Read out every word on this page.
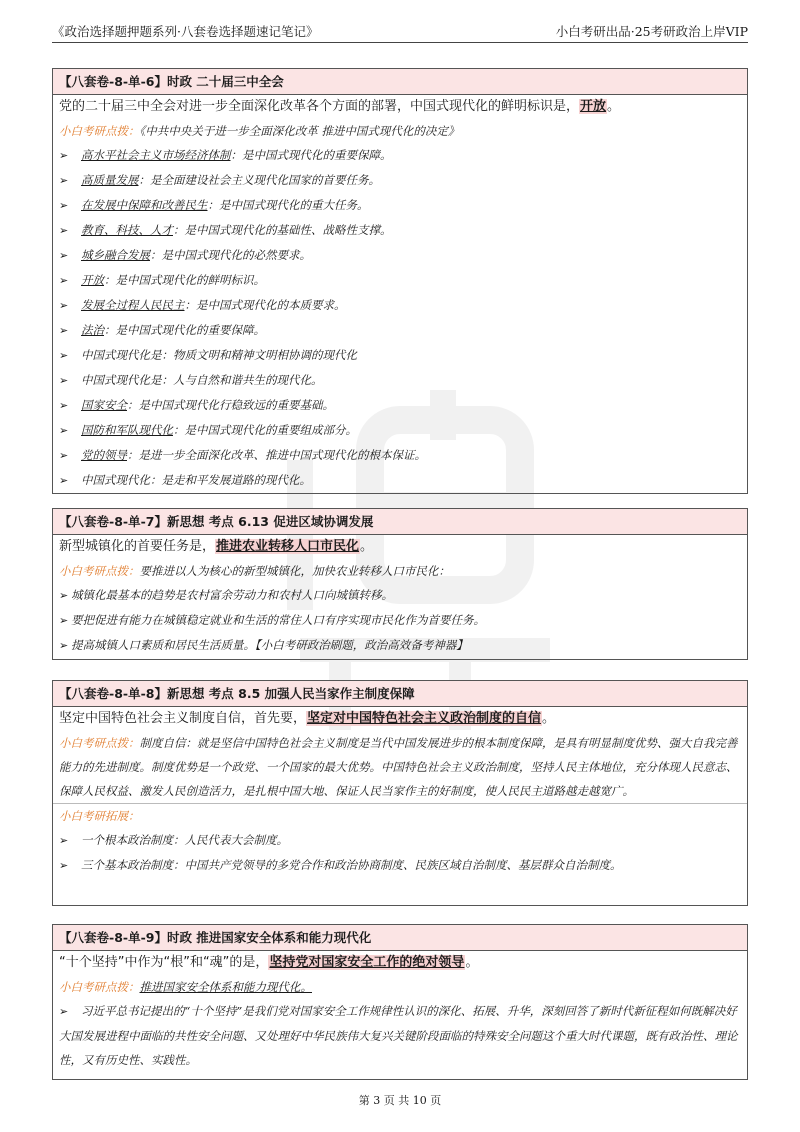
《政治选择题押题系列·八套卷选择题速记笔记》	小白考研出品·25考研政治上岸VIP
【八套卷-8-单-6】时政 二十届三中全会
党的二十届三中全会对进一步全面深化改革各个方面的部署，中国式现代化的鲜明标识是，开放。
小白考研点拨：《中共中央关于进一步全面深化改革 推进中国式现代化的决定》
➢ 高水平社会主义市场经济体制：是中国式现代化的重要保障。
➢ 高质量发展：是全面建设社会主义现代化国家的首要任务。
➢ 在发展中保障和改善民生：是中国式现代化的重大任务。
➢ 教育、科技、人才：是中国式现代化的基础性、战略性支撑。
➢ 城乡融合发展：是中国式现代化的必然要求。
➢ 开放：是中国式现代化的鲜明标识。
➢ 发展全过程人民民主：是中国式现代化的本质要求。
➢ 法治：是中国式现代化的重要保障。
➢ 中国式现代化是：物质文明和精神文明相协调的现代化
➢ 中国式现代化是：人与自然和谐共生的现代化。
➢ 国家安全：是中国式现代化行稳致远的重要基础。
➢ 国防和军队现代化：是中国式现代化的重要组成部分。
➢ 党的领导：是进一步全面深化改革、推进中国式现代化的根本保证。
➢ 中国式现代化：是走和平发展道路的现代化。
【八套卷-8-单-7】新思想 考点 6.13 促进区域协调发展
新型城镇化的首要任务是，推进农业转移人口市民化。
小白考研点拨：要推进以人为核心的新型城镇化，加快农业转移人口市民化：
➢ 城镇化最基本的趋势是农村富余劳动力和农村人口向城镇转移。
➢ 要把促进有能力在城镇稳定就业和生活的常住人口有序实现市民化作为首要任务。
➢ 提高城镇人口素质和居民生活质量。【小白考研政治刷题，政治高效备考神器】
【八套卷-8-单-8】新思想 考点 8.5 加强人民当家作主制度保障
坚定中国特色社会主义制度自信，首先要，坚定对中国特色社会主义政治制度的自信。
小白考研点拨：制度自信：就是坚信中国特色社会主义制度是当代中国发展进步的根本制度保障，是具有明显制度优势、强大自我完善能力的先进制度。制度优势是一个政党、一个国家的最大优势。中国特色社会主义政治制度，坚持人民主体地位，充分体现人民意志、保障人民权益、激发人民创造活力，是扎根中国大地、保证人民当家作主的好制度，使人民民主道路越走越宽广。
小白考研拓展：
➢ 一个根本政治制度：人民代表大会制度。
➢ 三个基本政治制度：中国共产党领导的多党合作和政治协商制度、民族区域自治制度、基层群众自治制度。
【八套卷-8-单-9】时政 推进国家安全体系和能力现代化
“十个坚持”中作为“根”和“魂”的是，坚持党对国家安全工作的绝对领导。
小白考研点拨：推进国家安全体系和能力现代化。
➢ 习近平总书记提出的“十个坚持”是我们党对国家安全工作规律性认识的深化、拓展、升华，深刻回答了新时代新征程如何既解决好大国发展进程中面临的共性安全问题、又处理好中华民族伟大复兴关键阶段面临的特殊安全问题这个重大时代课题，既有政治性、理论性，又有历史性、实践性。
第 3 页 共 10 页
